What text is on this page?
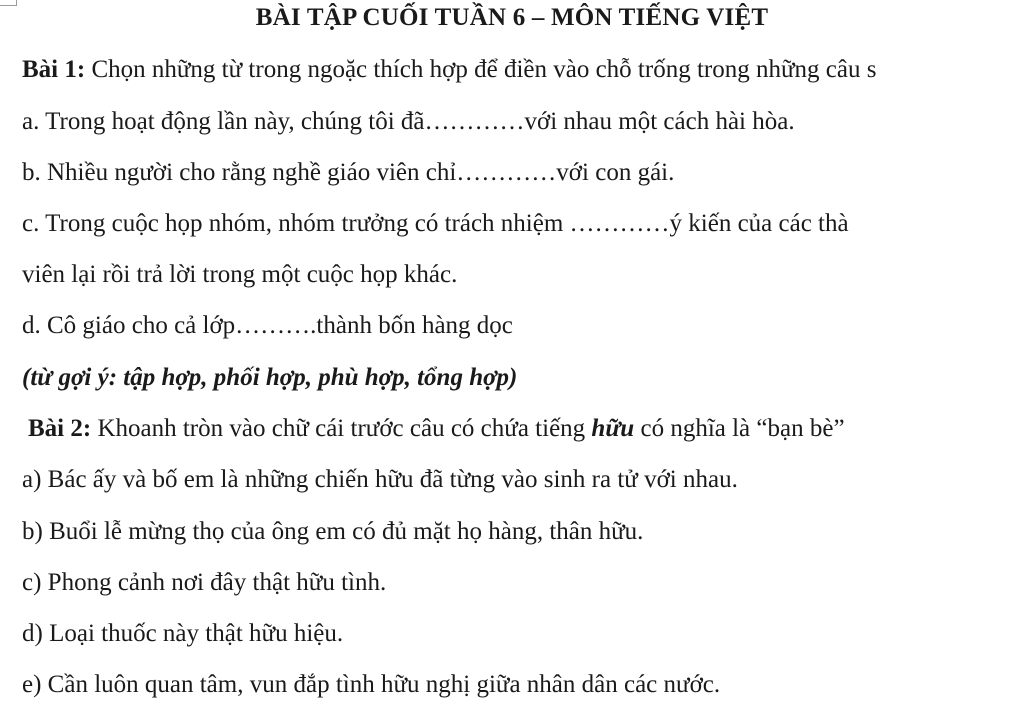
BÀI TẬP CUỐI TUẦN 6 – MÔN TIẾNG VIỆT
Bài 1: Chọn những từ trong ngoặc thích hợp để điền vào chỗ trống trong những câu s
a. Trong hoạt động lần này, chúng tôi đã…………với nhau một cách hài hòa.
b. Nhiều người cho rằng nghề giáo viên chỉ…………với con gái.
c. Trong cuộc họp nhóm, nhóm trưởng có trách nhiệm …………ý kiến của các thà
viên lại rồi trả lời trong một cuộc họp khác.
d. Cô giáo cho cả lớp……….thành bốn hàng dọc
(từ gợi ý: tập hợp, phối hợp, phù hợp, tổng hợp)
Bài 2: Khoanh tròn vào chữ cái trước câu có chứa tiếng hữu có nghĩa là “bạn bè”
a) Bác ấy và bố em là những chiến hữu đã từng vào sinh ra tử với nhau.
b) Buổi lễ mừng thọ của ông em có đủ mặt họ hàng, thân hữu.
c) Phong cảnh nơi đây thật hữu tình.
d) Loại thuốc này thật hữu hiệu.
e) Cần luôn quan tâm, vun đắp tình hữu nghị giữa nhân dân các nước.
